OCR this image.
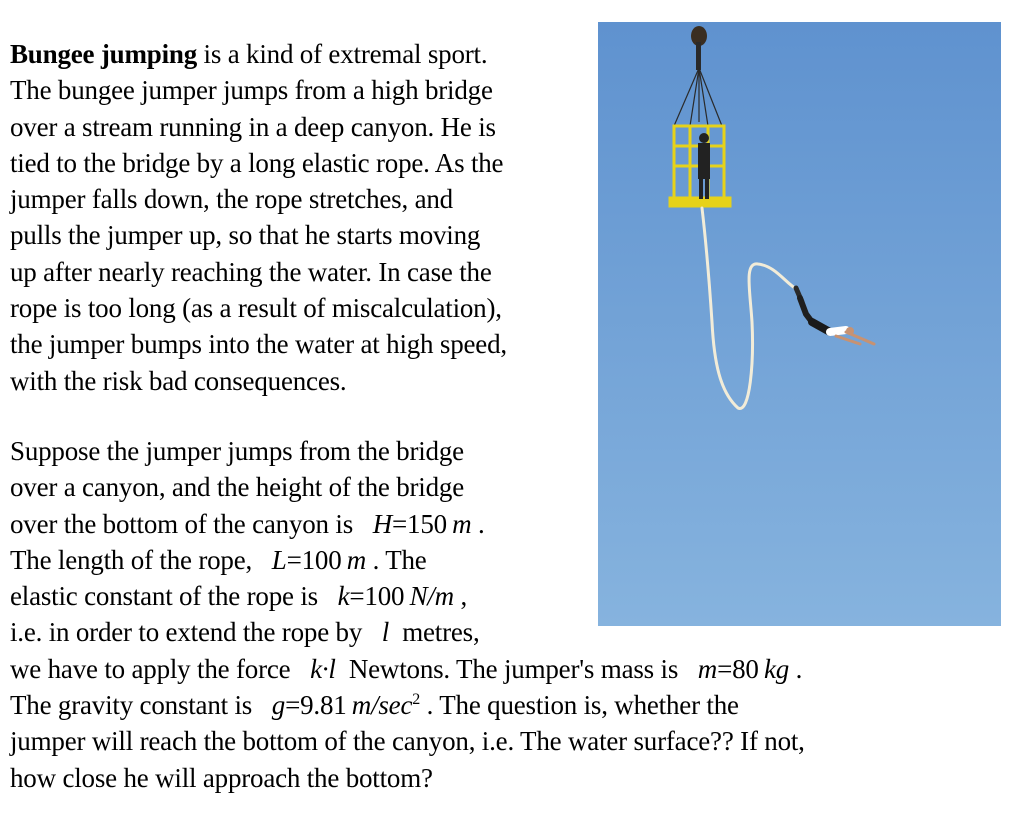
Bungee jumping is a kind of extremal sport.
The bungee jumper jumps from a high bridge
over a stream running in a deep canyon. He is
tied to the bridge by a long elastic rope. As the
jumper falls down, the rope stretches, and
pulls the jumper up, so that he starts moving
up after nearly reaching the water. In case the
rope is too long (as a result of miscalculation),
the jumper bumps into the water at high speed,
with the risk bad consequences.
Suppose the jumper jumps from the bridge
over a canyon, and the height of the bridge
over the bottom of the canyon is H=150  m .
The length of the rope, L=100  m . The
elastic constant of the rope is k=100  N/m ,
i.e. in order to extend the rope by l  metres,
we have to apply the force k·l  Newtons. The jumper's mass is m=80  kg .
The gravity constant is g=9.81  $m/\sec^2$ . The question is, whether the
jumper will reach the bottom of the canyon, i.e. The water surface?? If not,
how close he will approach the bottom?
